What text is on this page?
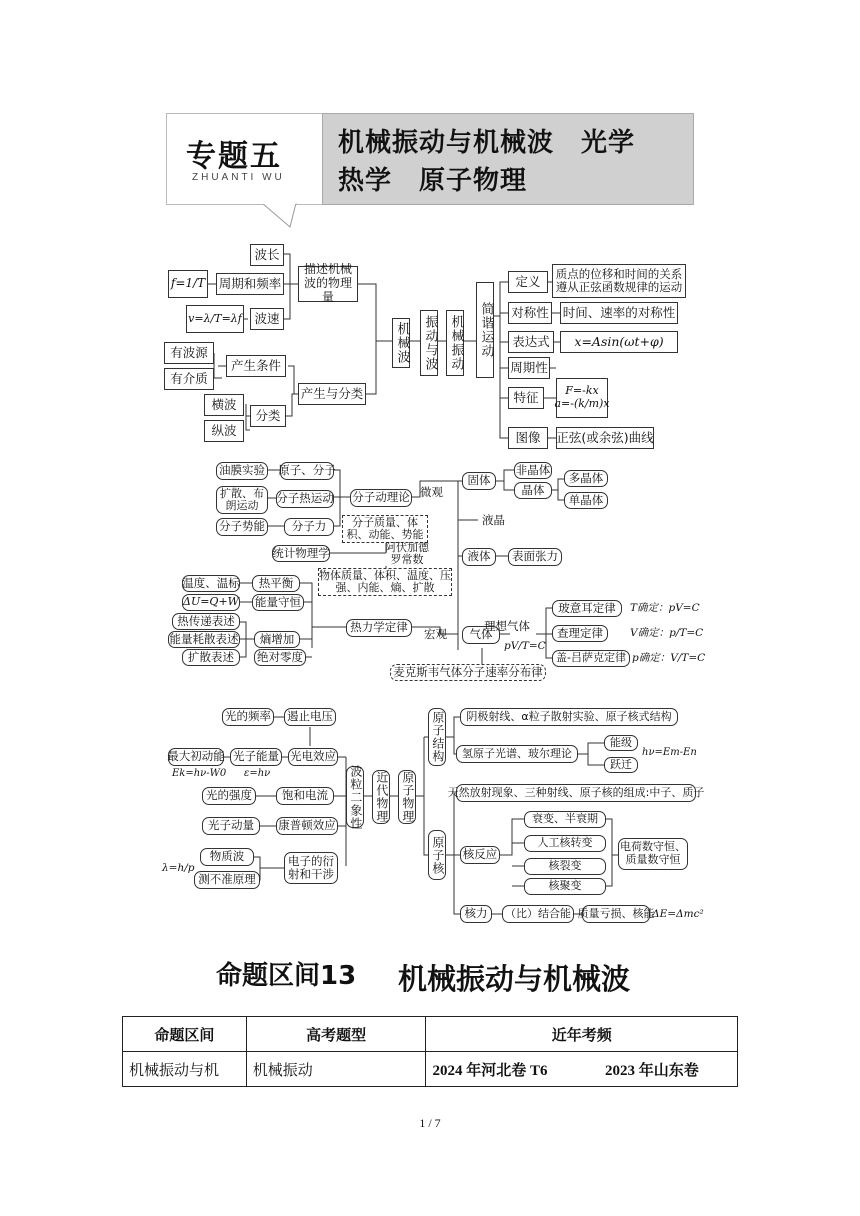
专题五
ZHUANTI WU
机械振动与机械波　光学
热学　原子物理
f=1/T
v=λ/T=λf
波长
周期和频率
波速
描述机械波的物理量
有波源
有介质
产生条件
横波
纵波
分类
产生与分类
机械波 振动与波 机械振动 简谐运动
定义
质点的位移和时间的关系遵从正弦函数规律的运动
对称性 时间、速率的对称性
表达式	x=Asin(ωt+φ)
周期性
特征	F=-kx
a=-(k/m)x
图像	正弦(或余弦)曲线
油膜实验 原子、分子
扩散、布朗运动
分子热运动
分子势能	分子力
分子动理论 微观
固体
非晶体
晶体
多晶体
单晶体
液晶
分子质量、体积、动能、势能
阿伏加德罗常数
统计物理学	液体	表面张力
温度、温标	热平衡
物体质量、体积、温度、压强、内能、熵、扩散
ΔU=Q+W 能量守恒
热传递表述
能量耗散表述
扩散表述
熵增加
绝对零度
热力学定律	宏观	气体
理想气体
pV/T=C
玻意耳定律
查理定律
盖-吕萨克定律
T确定：pV=C
V确定：p/T=C
p确定：V/T=C
麦克斯韦气体分子速率分布律
光的频率 遏止电压
最大初动能
Ek=hν-W0
光子能量
ε=hν
光电效应
光的强度	饱和电流
光子动量	康普顿效应
λ=h/p
物质波
测不准原理
电子的衍射和干涉
波粒二象性 近代物理 原子物理
原子结构	阴极射线、α粒子散射实验、原子核式结构
氢原子光谱、玻尔理论
能级
跃迁
hν=Em-En
原子核
天然放射现象、三种射线、原子核的组成:中子、质子
核反应
衰变、半衰期
人工核转变
核裂变
核聚变
电荷数守恒、质量数守恒
核力	（比）结合能 质量亏损、核能
ΔE=Δmc²
命题区间13 机械振动与机械波
命题区间	高考题型	近年考频
机械振动与机	机械振动	2024 年河北卷 T6 2023 年山东卷
1 / 7
